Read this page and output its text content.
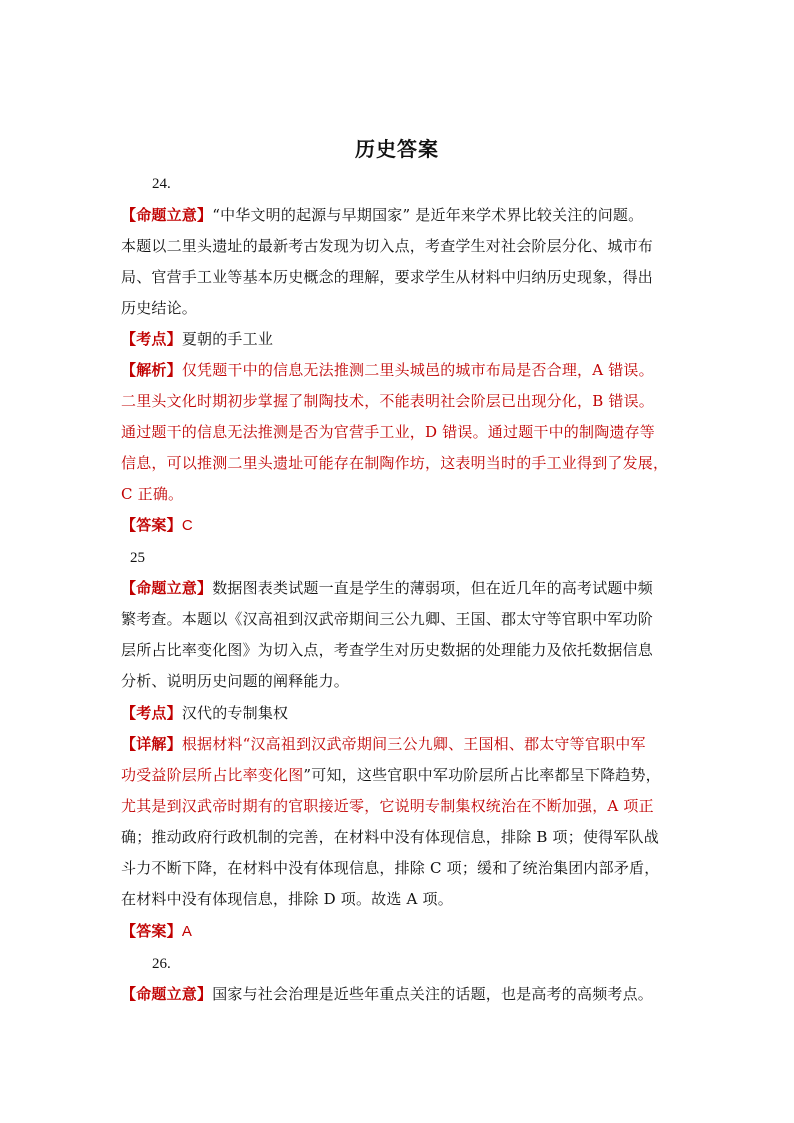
历史答案
24.
【命题立意】“中华文明的起源与早期国家” 是近年来学术界比较关注的问题。
本题以二里头遗址的最新考古发现为切入点，考查学生对社会阶层分化、城市布
局、官营手工业等基本历史概念的理解，要求学生从材料中归纳历史现象，得出
历史结论。
【考点】夏朝的手工业
【解析】仅凭题干中的信息无法推测二里头城邑的城市布局是否合理，A 错误。
二里头文化时期初步掌握了制陶技术，不能表明社会阶层已出现分化，B 错误。
通过题干的信息无法推测是否为官营手工业，D 错误。通过题干中的制陶遗存等
信息，可以推测二里头遗址可能存在制陶作坊，这表明当时的手工业得到了发展，
C 正确。
【答案】C
25
【命题立意】数据图表类试题一直是学生的薄弱项，但在近几年的高考试题中频
繁考查。本题以《汉高祖到汉武帝期间三公九卿、王国、郡太守等官职中军功阶
层所占比率变化图》为切入点，考查学生对历史数据的处理能力及依托数据信息
分析、说明历史问题的阐释能力。
【考点】汉代的专制集权
【详解】根据材料“汉高祖到汉武帝期间三公九卿、王国相、郡太守等官职中军
功受益阶层所占比率变化图”可知，这些官职中军功阶层所占比率都呈下降趋势，
尤其是到汉武帝时期有的官职接近零，它说明专制集权统治在不断加强，A 项正
确；推动政府行政机制的完善，在材料中没有体现信息，排除 B 项；使得军队战
斗力不断下降，在材料中没有体现信息，排除 C 项；缓和了统治集团内部矛盾，
在材料中没有体现信息，排除 D 项。故选 A 项。
【答案】A
26.
【命题立意】国家与社会治理是近些年重点关注的话题，也是高考的高频考点。
